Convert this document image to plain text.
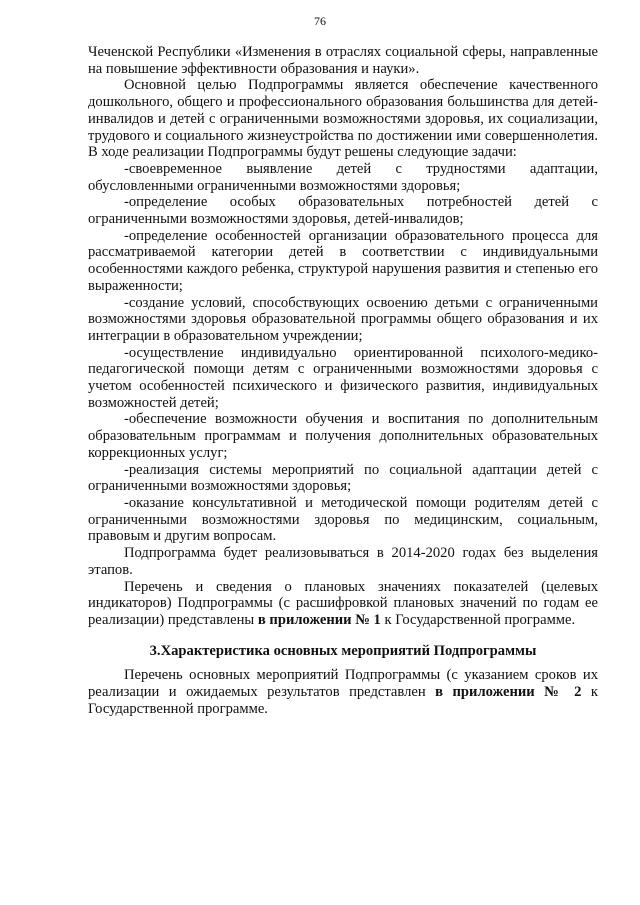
76

Чеченской Республики «Изменения в отраслях социальной сферы, направленные на повышение эффективности образования и науки».

Основной целью Подпрограммы является обеспечение качественного дошкольного, общего и профессионального образования большинства для детей-инвалидов и детей с ограниченными возможностями здоровья, их социализации, трудового и социального жизнеустройства по достижении ими совершеннолетия. В ходе реализации Подпрограммы будут решены следующие задачи:

-своевременное выявление детей с трудностями адаптации, обусловленными ограниченными возможностями здоровья;

-определение особых образовательных потребностей детей с ограниченными возможностями здоровья, детей-инвалидов;

-определение особенностей организации образовательного процесса для рассматриваемой категории детей в соответствии с индивидуальными особенностями каждого ребенка, структурой нарушения развития и степенью его выраженности;

-создание условий, способствующих освоению детьми с ограниченными возможностями здоровья образовательной программы общего образования и их интеграции в образовательном учреждении;

-осуществление индивидуально ориентированной психолого-медико-педагогической помощи детям с ограниченными возможностями здоровья с учетом особенностей психического и физического развития, индивидуальных возможностей детей;

-обеспечение возможности обучения и воспитания по дополнительным образовательным программам и получения дополнительных образовательных коррекционных услуг;

-реализация системы мероприятий по социальной адаптации детей с ограниченными возможностями здоровья;

-оказание консультативной и методической помощи родителям детей с ограниченными возможностями здоровья по медицинским, социальным, правовым и другим вопросам.

Подпрограмма будет реализовываться в 2014-2020 годах без выделения этапов.

Перечень и сведения о плановых значениях показателей (целевых индикаторов) Подпрограммы (с расшифровкой плановых значений по годам ее реализации) представлены в приложении № 1 к Государственной программе.

3.Характеристика основных мероприятий Подпрограммы

Перечень основных мероприятий Подпрограммы (с указанием сроков их реализации и ожидаемых результатов представлен в приложении № 2 к Государственной программе.
